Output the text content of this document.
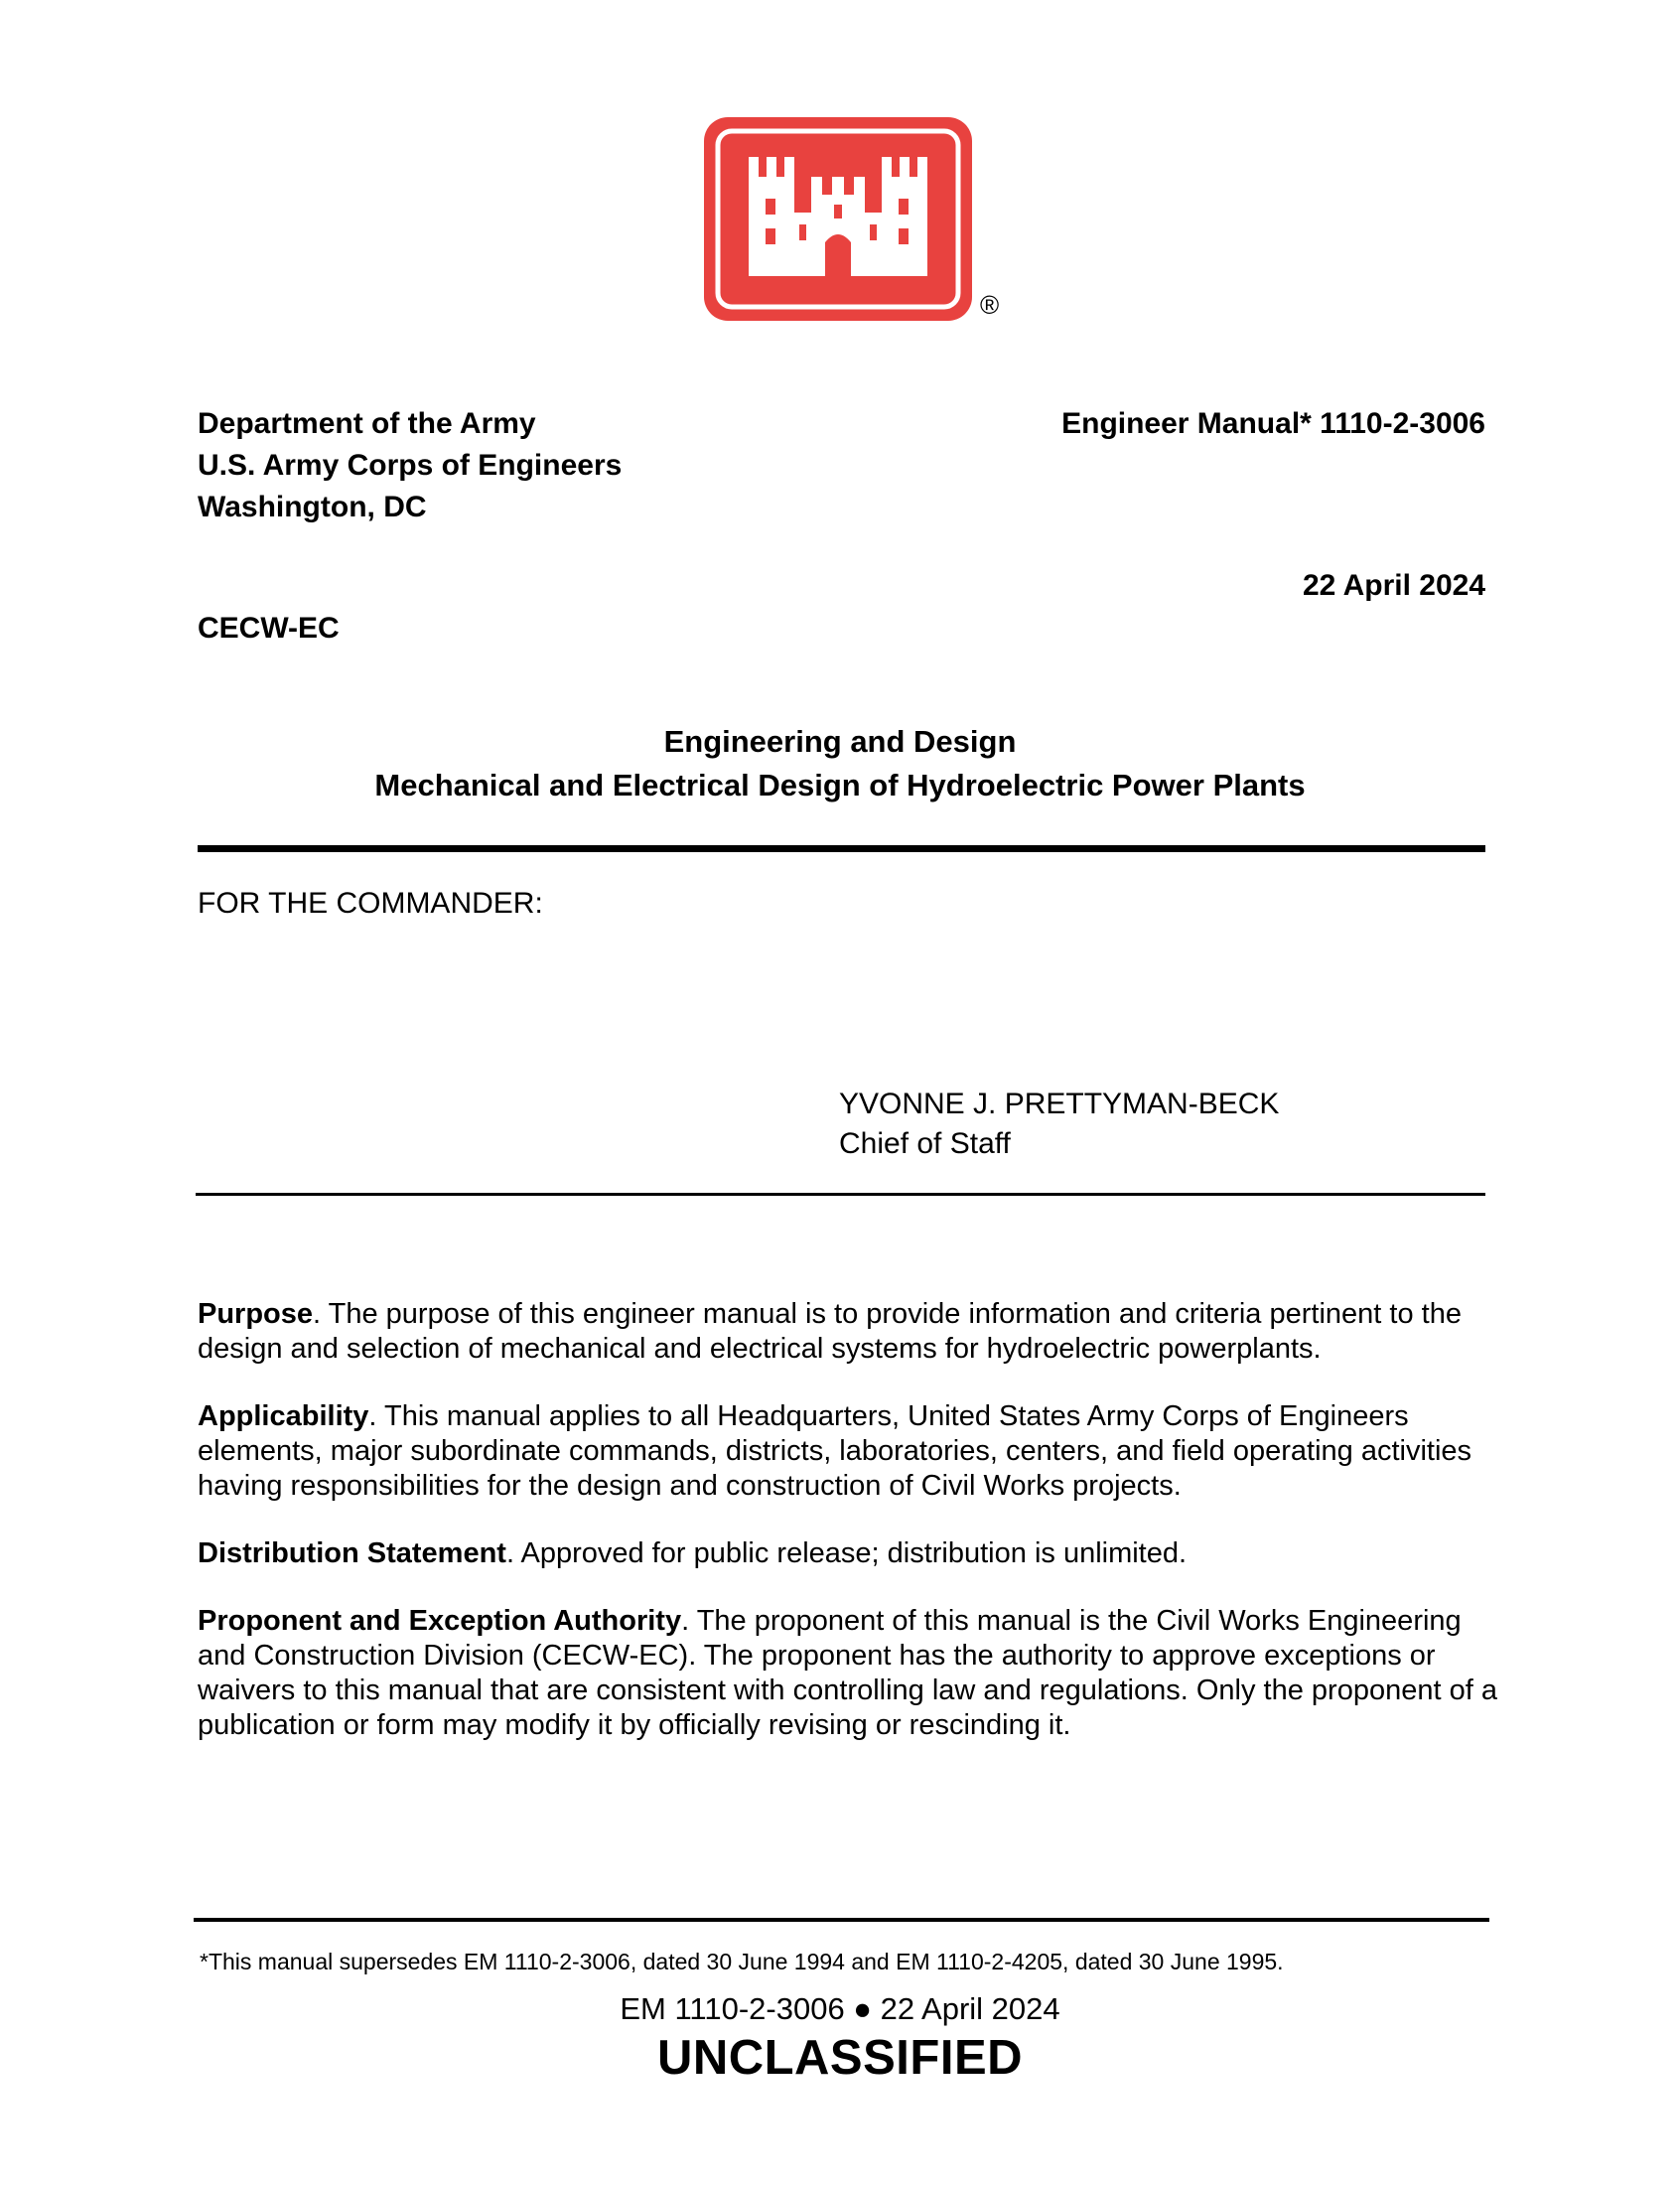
®
Department of the Army
U.S. Army Corps of Engineers
Washington, DC
Engineer Manual* 1110-2-3006
22 April 2024
CECW-EC
Engineering and Design
Mechanical and Electrical Design of Hydroelectric Power Plants
FOR THE COMMANDER:
YVONNE J. PRETTYMAN-BECK
Chief of Staff

Purpose. The purpose of this engineer manual is to provide information and criteria pertinent to the design and selection of mechanical and electrical systems for hydroelectric powerplants.

Applicability. This manual applies to all Headquarters, United States Army Corps of Engineers elements, major subordinate commands, districts, laboratories, centers, and field operating activities having responsibilities for the design and construction of Civil Works projects.

Distribution Statement. Approved for public release; distribution is unlimited.

Proponent and Exception Authority. The proponent of this manual is the Civil Works Engineering and Construction Division (CECW-EC). The proponent has the authority to approve exceptions or waivers to this manual that are consistent with controlling law and regulations. Only the proponent of a publication or form may modify it by officially revising or rescinding it.

*This manual supersedes EM 1110-2-3006, dated 30 June 1994 and EM 1110-2-4205, dated 30 June 1995.
EM 1110-2-3006 ● 22 April 2024
UNCLASSIFIED
